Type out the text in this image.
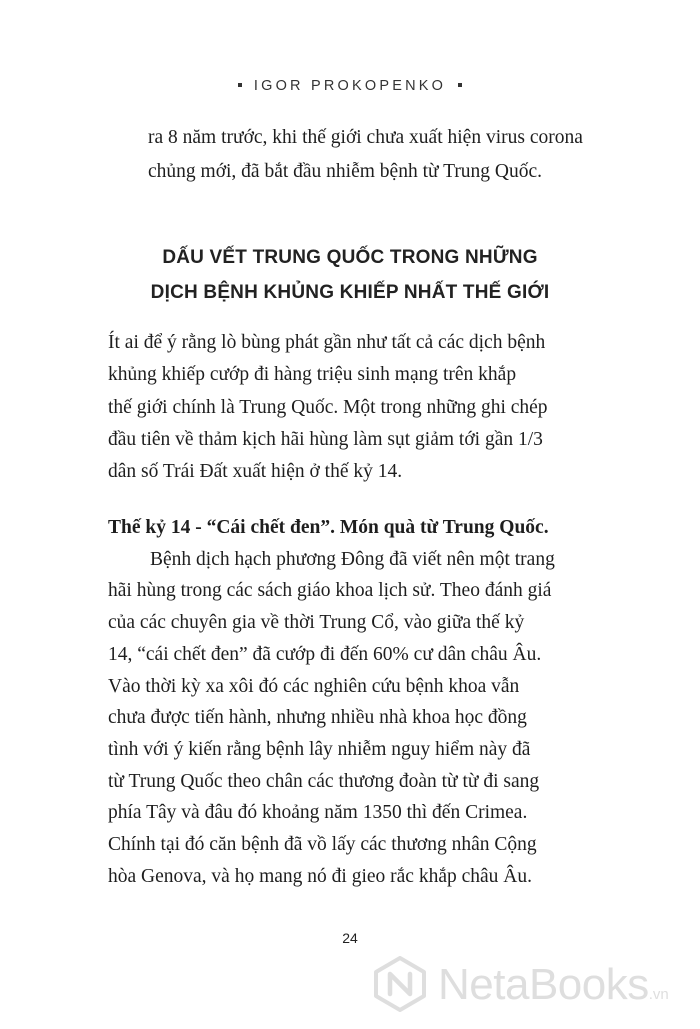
IGOR PROKOPENKO

ra 8 năm trước, khi thế giới chưa xuất hiện virus corona

chủng mới, đã bắt đầu nhiễm bệnh từ Trung Quốc.

DẤU VẾT TRUNG QUỐC TRONG NHỮNG
DỊCH BỆNH KHỦNG KHIẾP NHẤT THẾ GIỚI
Ít ai để ý rằng lò bùng phát gần như tất cả các dịch bệnh
khủng khiếp cướp đi hàng triệu sinh mạng trên khắp
thế giới chính là Trung Quốc. Một trong những ghi chép
đầu tiên về thảm kịch hãi hùng làm sụt giảm tới gần 1/3
dân số Trái Đất xuất hiện ở thế kỷ 14.
Thế kỷ 14 - “Cái chết đen”. Món quà từ Trung Quốc.
Bệnh dịch hạch phương Đông đã viết nên một trang
hãi hùng trong các sách giáo khoa lịch sử. Theo đánh giá
của các chuyên gia về thời Trung Cổ, vào giữa thế kỷ
14, “cái chết đen” đã cướp đi đến 60% cư dân châu Âu.
Vào thời kỳ xa xôi đó các nghiên cứu bệnh khoa vẫn
chưa được tiến hành, nhưng nhiều nhà khoa học đồng
tình với ý kiến rằng bệnh lây nhiễm nguy hiểm này đã
từ Trung Quốc theo chân các thương đoàn từ từ đi sang
phía Tây và đâu đó khoảng năm 1350 thì đến Crimea.
Chính tại đó căn bệnh đã vồ lấy các thương nhân Cộng
hòa Genova, và họ mang nó đi gieo rắc khắp châu Âu.
24
NetaBooks.vn
